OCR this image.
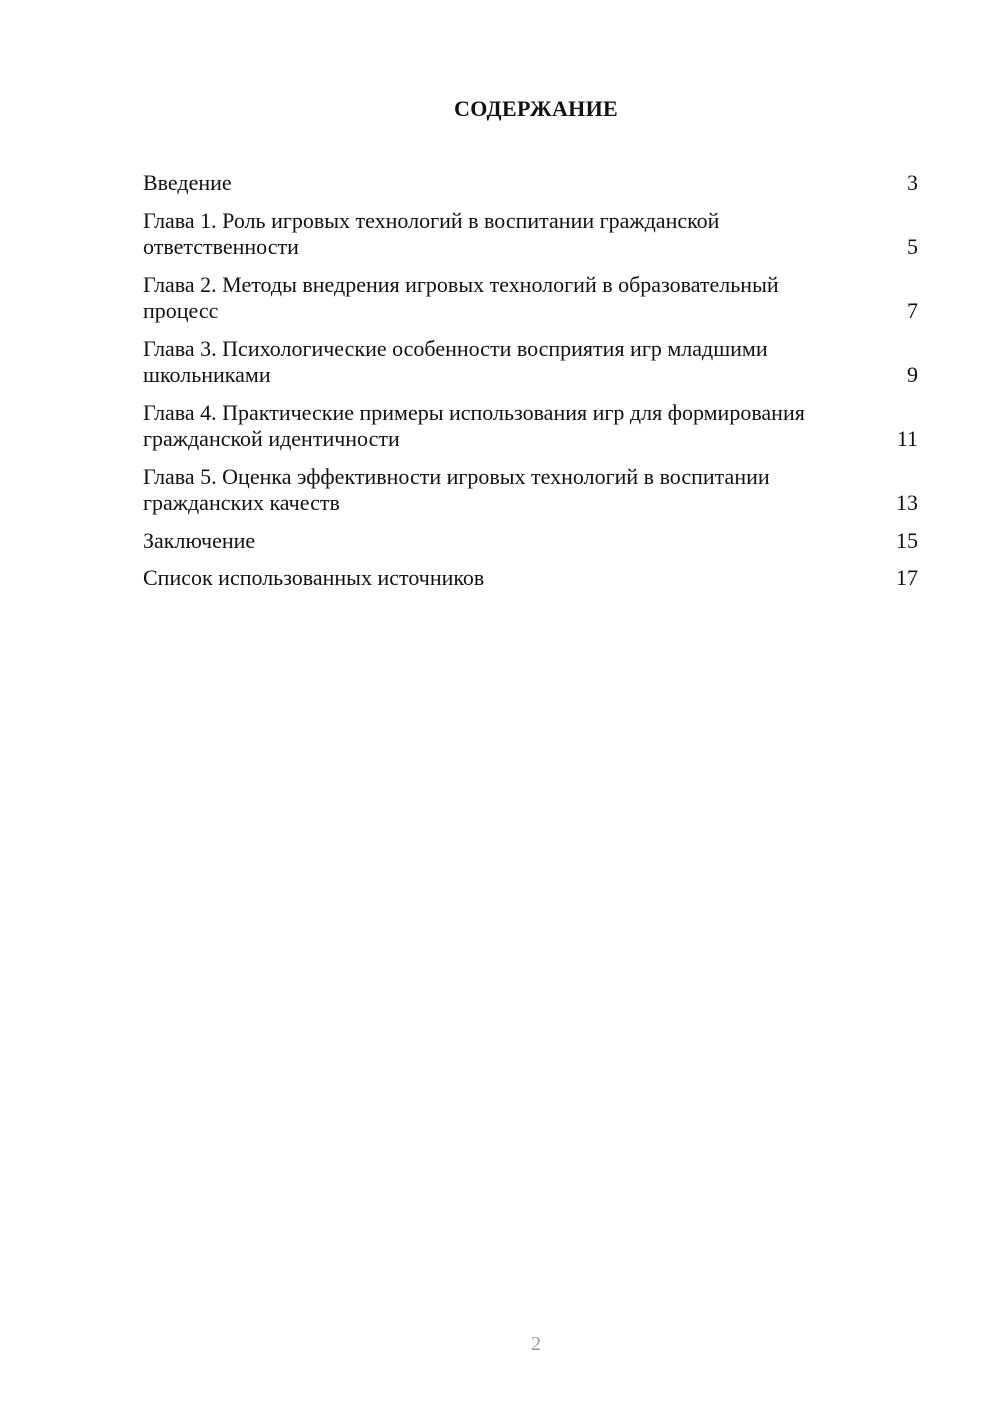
СОДЕРЖАНИЕ
Введение	3
Глава 1. Роль игровых технологий в воспитании гражданской ответственности	5
Глава 2. Методы внедрения игровых технологий в образовательный процесс	7
Глава 3. Психологические особенности восприятия игр младшими школьниками	9
Глава 4. Практические примеры использования игр для формирования гражданской идентичности	11
Глава 5. Оценка эффективности игровых технологий в воспитании гражданских качеств	13
Заключение	15
Список использованных источников	17
2
